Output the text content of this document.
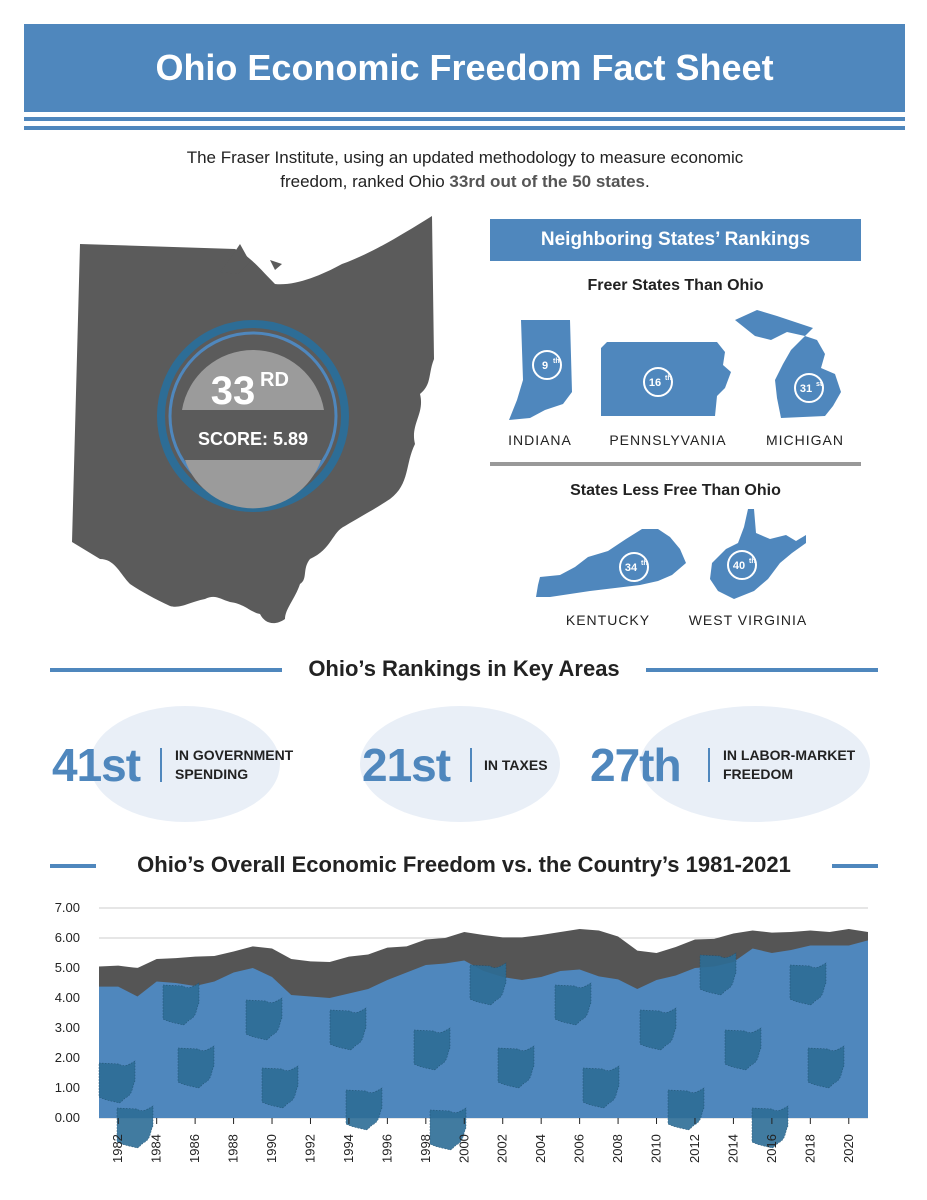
Ohio Economic Freedom Fact Sheet
The Fraser Institute, using an updated methodology to measure economic
freedom, ranked Ohio 33rd out of the 50 states.
33 RD
SCORE: 5.89
Neighboring States’ Rankings
Freer States Than Ohio
9 th
16 th
31 st
INDIANA	PENNSLYVANIA	MICHIGAN
States Less Free Than Ohio
34 th	40 th
KENTUCKY	WEST VIRGINIA
Ohio’s Rankings in Key Areas
41st IN GOVERNMENT
SPENDING	21st IN TAXES 27th	IN LABOR-MARKET
FREEDOM
Ohio’s Overall Economic Freedom vs. the Country’s 1981-2021
0.00
1.00
2.00
3.00
4.00
5.00
6.00
7.00
1982 1984 1986 1988 1990 1992 1994 1996 1998 2000 2002 2004 2006 2008 2010 2012 2014 2016 2018 2020
